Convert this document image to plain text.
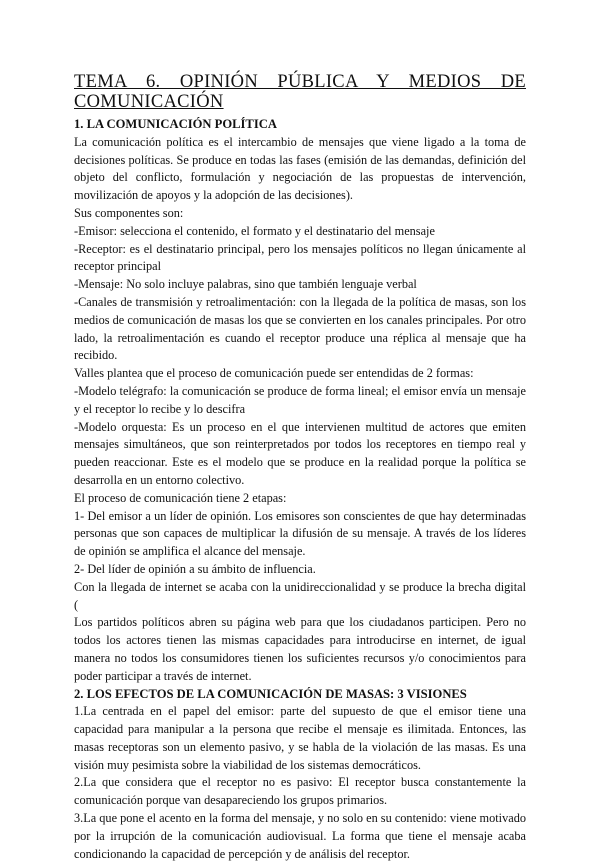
TEMA 6. OPINIÓN PÚBLICA Y MEDIOS DE
COMUNICACIÓN
1. LA COMUNICACIÓN POLÍTICA

La comunicación política es el intercambio de mensajes que viene ligado a la toma de decisiones políticas. Se produce en todas las fases (emisión de las demandas, definición del objeto del conflicto, formulación y negociación de las propuestas de intervención, movilización de apoyos y la adopción de las decisiones).

Sus componentes son:

-Emisor: selecciona el contenido, el formato y el destinatario del mensaje

-Receptor: es el destinatario principal, pero los mensajes políticos no llegan únicamente al receptor principal

-Mensaje: No solo incluye palabras, sino que también lenguaje verbal

-Canales de transmisión y retroalimentación: con la llegada de la política de masas, son los medios de comunicación de masas los que se convierten en los canales principales. Por otro lado, la retroalimentación es cuando el receptor produce una réplica al mensaje que ha recibido.

Valles plantea que el proceso de comunicación puede ser entendidas de 2 formas:

-Modelo telégrafo: la comunicación se produce de forma lineal; el emisor envía un mensaje y el receptor lo recibe y lo descifra

-Modelo orquesta: Es un proceso en el que intervienen multitud de actores que emiten mensajes simultáneos, que son reinterpretados por todos los receptores en tiempo real y pueden reaccionar. Este es el modelo que se produce en la realidad porque la política se desarrolla en un entorno colectivo.

El proceso de comunicación tiene 2 etapas:

1- Del emisor a un líder de opinión. Los emisores son conscientes de que hay determinadas personas que son capaces de multiplicar la difusión de su mensaje. A través de los líderes de opinión se amplifica el alcance del mensaje.

2- Del líder de opinión a su ámbito de influencia.

Con la llegada de internet se acaba con la unidireccionalidad y se produce la brecha digital (

Los partidos políticos abren su página web para que los ciudadanos participen. Pero no todos los actores tienen las mismas capacidades para introducirse en internet, de igual manera no todos los consumidores tienen los suficientes recursos y/o conocimientos para poder participar a través de internet.

2. LOS EFECTOS DE LA COMUNICACIÓN DE MASAS: 3 VISIONES

1.La centrada en el papel del emisor: parte del supuesto de que el emisor tiene una capacidad para manipular a la persona que recibe el mensaje es ilimitada. Entonces, las masas receptoras son un elemento pasivo, y se habla de la violación de las masas. Es una visión muy pesimista sobre la viabilidad de los sistemas democráticos.

2.La que considera que el receptor no es pasivo: El receptor busca constantemente la comunicación porque van desapareciendo los grupos primarios.

3.La que pone el acento en la forma del mensaje, y no solo en su contenido: viene motivado por la irrupción de la comunicación audiovisual. La forma que tiene el mensaje acaba condicionando la capacidad de percepción y de análisis del receptor.
